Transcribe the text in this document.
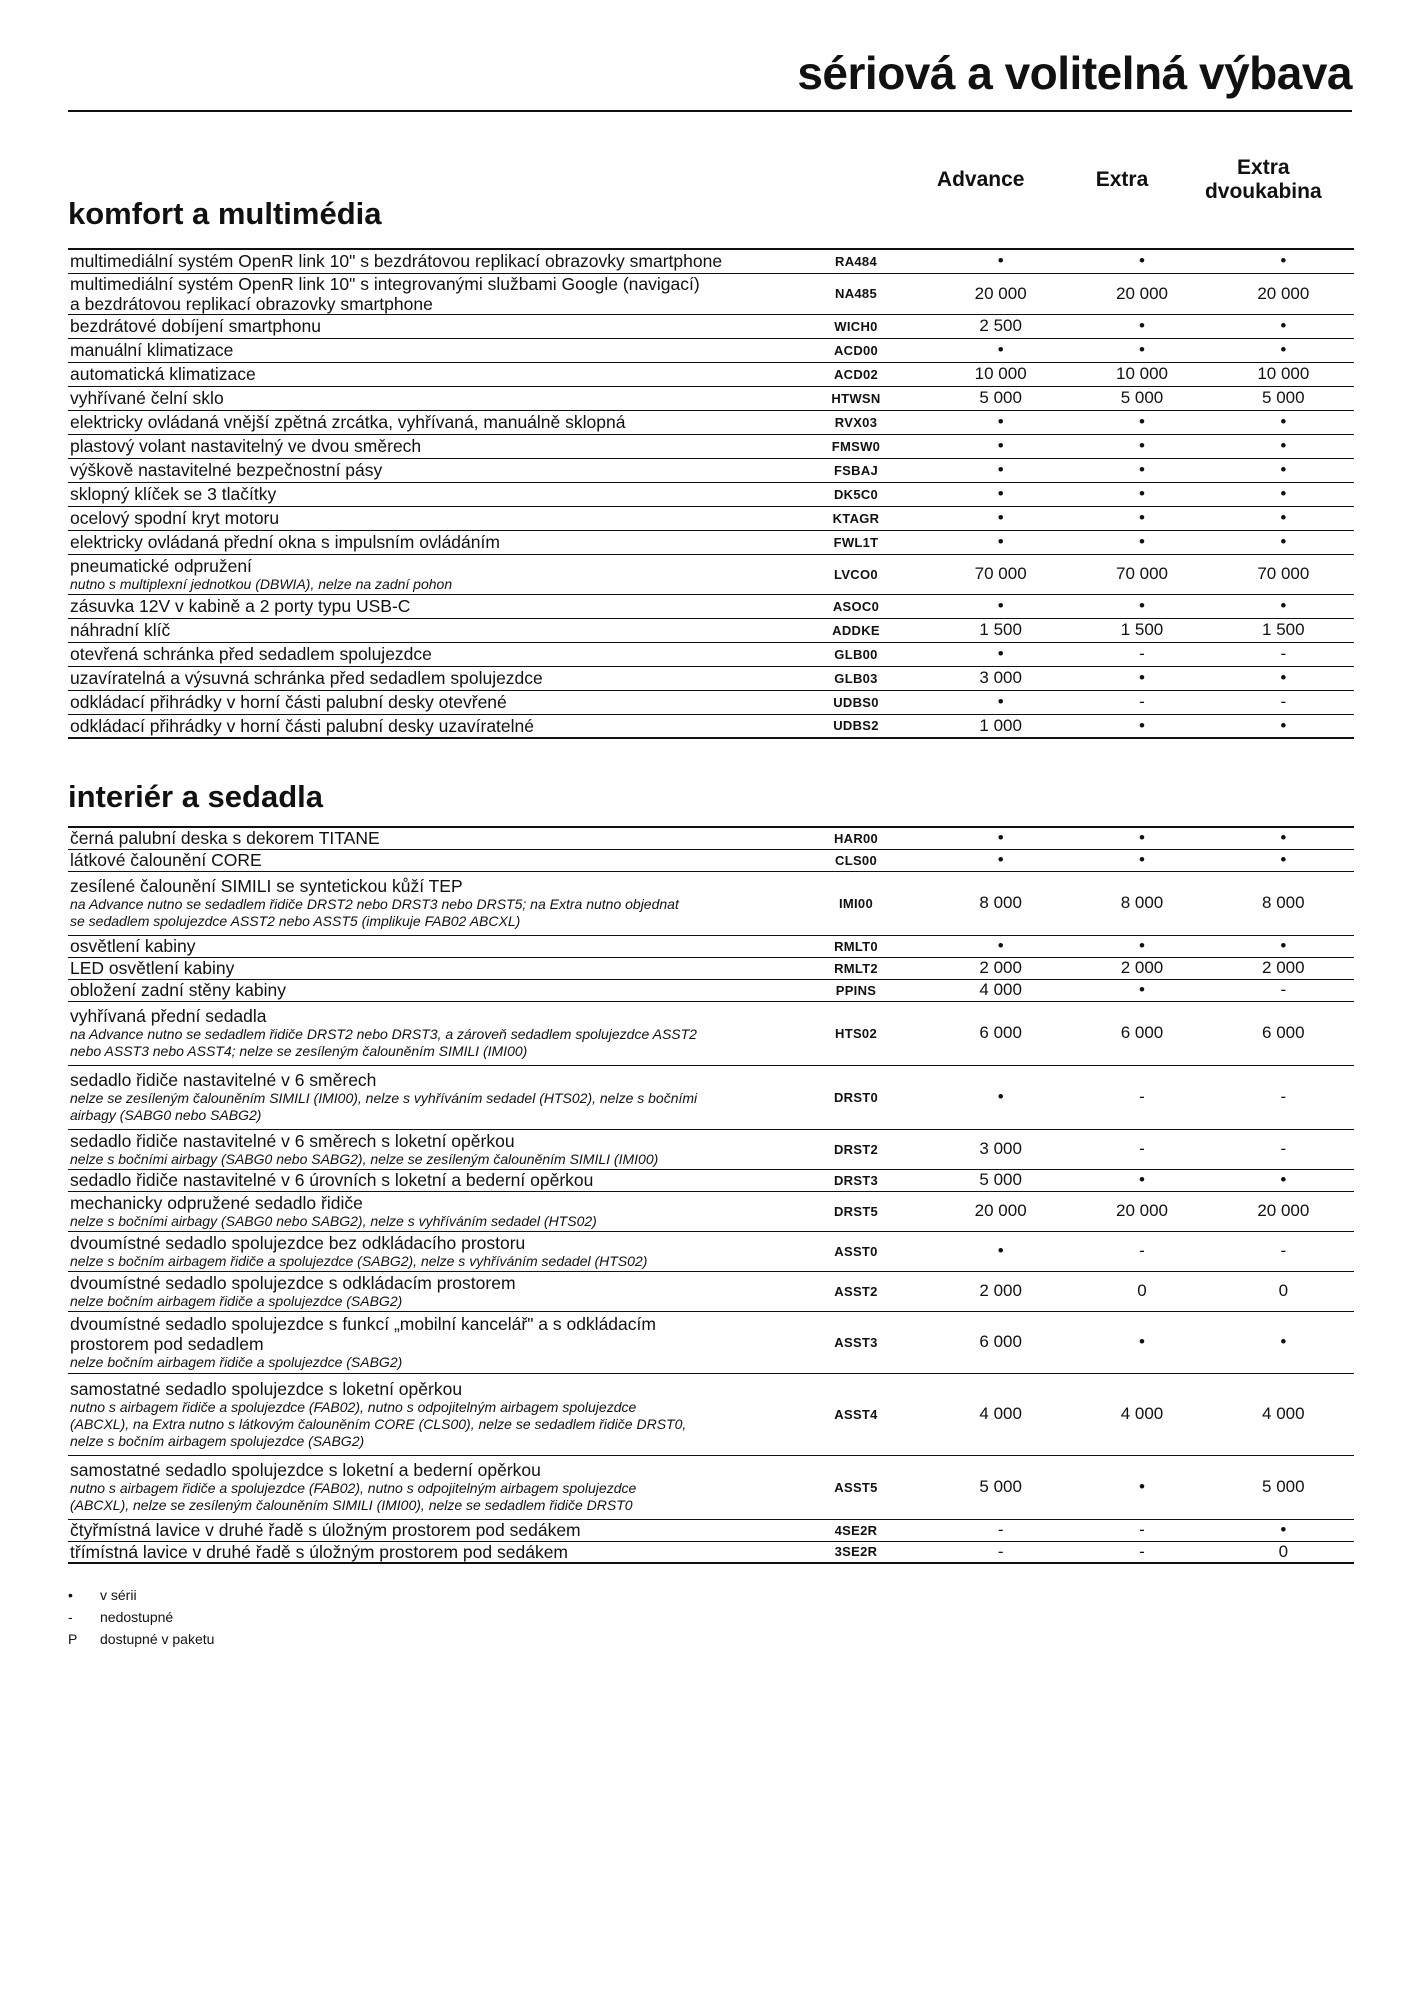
sériová a volitelná výbava
Advance	Extra
Extra
dvoukabina
komfort a multimédia
multimediální systém OpenR link 10" s bezdrátovou replikací obrazovky smartphone	RA484	•	•	•

multimediální systém OpenR link 10" s integrovanými službami Google (navigací)
a bezdrátovou replikací obrazovky smartphone	NA485	20 000	20 000	20 000

bezdrátové dobíjení smartphonu	WICH0	2 500	•	•

manuální klimatizace	ACD00	•	•	•

automatická klimatizace	ACD02	10 000	10 000	10 000

vyhřívané čelní sklo	HTWSN	5 000	5 000	5 000

elektricky ovládaná vnější zpětná zrcátka, vyhřívaná, manuálně sklopná	RVX03	•	•	•

plastový volant nastavitelný ve dvou směrech	FMSW0	•	•	•

výškově nastavitelné bezpečnostní pásy	FSBAJ	•	•	•

sklopný klíček se 3 tlačítky	DK5C0	•	•	•

ocelový spodní kryt motoru	KTAGR	•	•	•

elektricky ovládaná přední okna s impulsním ovládáním	FWL1T	•	•	•

pneumatické odpružení
nutno s multiplexní jednotkou (DBWIA), nelze na zadní pohon	LVCO0	70 000	70 000	70 000

zásuvka 12V v kabině a 2 porty typu USB-C	ASOC0	•	•	•

náhradní klíč	ADDKE	1 500	1 500	1 500

otevřená schránka před sedadlem spolujezdce	GLB00	•	-	-

uzavíratelná a výsuvná schránka před sedadlem spolujezdce	GLB03	3 000	•	•

odkládací přihrádky v horní části palubní desky otevřené	UDBS0	•	-	-

odkládací přihrádky v horní části palubní desky uzavíratelné	UDBS2	1 000	•	•
interiér a sedadla
černá palubní deska s dekorem TITANE	HAR00	•	•	•

látkové čalounění CORE	CLS00	•	•	•

zesílené čalounění SIMILI se syntetickou kůží TEP
na Advance nutno se sedadlem řidiče DRST2 nebo DRST3 nebo DRST5; na Extra nutno objednat
se sedadlem spolujezdce ASST2 nebo ASST5 (implikuje FAB02 ABCXL)	IMI00	8 000	8 000	8 000

osvětlení kabiny	RMLT0	•	•	•

LED osvětlení kabiny	RMLT2	2 000	2 000	2 000

obložení zadní stěny kabiny	PPINS	4 000	•	-

vyhřívaná přední sedadla
na Advance nutno se sedadlem řidiče DRST2 nebo DRST3, a zároveň sedadlem spolujezdce ASST2
nebo ASST3 nebo ASST4; nelze se zesíleným čalouněním SIMILI (IMI00)	HTS02	6 000	6 000	6 000

sedadlo řidiče nastavitelné v 6 směrech
nelze se zesíleným čalouněním SIMILI (IMI00), nelze s vyhříváním sedadel (HTS02), nelze s bočními
airbagy (SABG0 nebo SABG2)	DRST0	•	-	-

sedadlo řidiče nastavitelné v 6 směrech s loketní opěrkou
nelze s bočními airbagy (SABG0 nebo SABG2), nelze se zesíleným čalouněním SIMILI (IMI00)	DRST2	3 000	-	-

sedadlo řidiče nastavitelné v 6 úrovních s loketní a bederní opěrkou	DRST3	5 000	•	•

mechanicky odpružené sedadlo řidiče
nelze s bočními airbagy (SABG0 nebo SABG2), nelze s vyhříváním sedadel (HTS02)	DRST5	20 000	20 000	20 000

dvoumístné sedadlo spolujezdce bez odkládacího prostoru
nelze s bočním airbagem řidiče a spolujezdce (SABG2), nelze s vyhříváním sedadel (HTS02)	ASST0	•	-	-

dvoumístné sedadlo spolujezdce s odkládacím prostorem
nelze bočním airbagem řidiče a spolujezdce (SABG2)	ASST2	2 000	0	0

dvoumístné sedadlo spolujezdce s funkcí „mobilní kancelář" a s odkládacím
prostorem pod sedadlem
nelze bočním airbagem řidiče a spolujezdce (SABG2)	ASST3	6 000	•	•

samostatné sedadlo spolujezdce s loketní opěrkou
nutno s airbagem řidiče a spolujezdce (FAB02), nutno s odpojitelným airbagem spolujezdce
(ABCXL), na Extra nutno s látkovým čalouněním CORE (CLS00), nelze se sedadlem řidiče DRST0,
nelze s bočním airbagem spolujezdce (SABG2)	ASST4	4 000	4 000	4 000

samostatné sedadlo spolujezdce s loketní a bederní opěrkou
nutno s airbagem řidiče a spolujezdce (FAB02), nutno s odpojitelným airbagem spolujezdce
(ABCXL), nelze se zesíleným čalouněním SIMILI (IMI00), nelze se sedadlem řidiče DRST0	ASST5	5 000	•	5 000

čtyřmístná lavice v druhé řadě s úložným prostorem pod sedákem	4SE2R	-	-	•

třímístná lavice v druhé řadě s úložným prostorem pod sedákem	3SE2R	-	-	0
•	v sérii
-	nedostupné
P	dostupné v paketu
